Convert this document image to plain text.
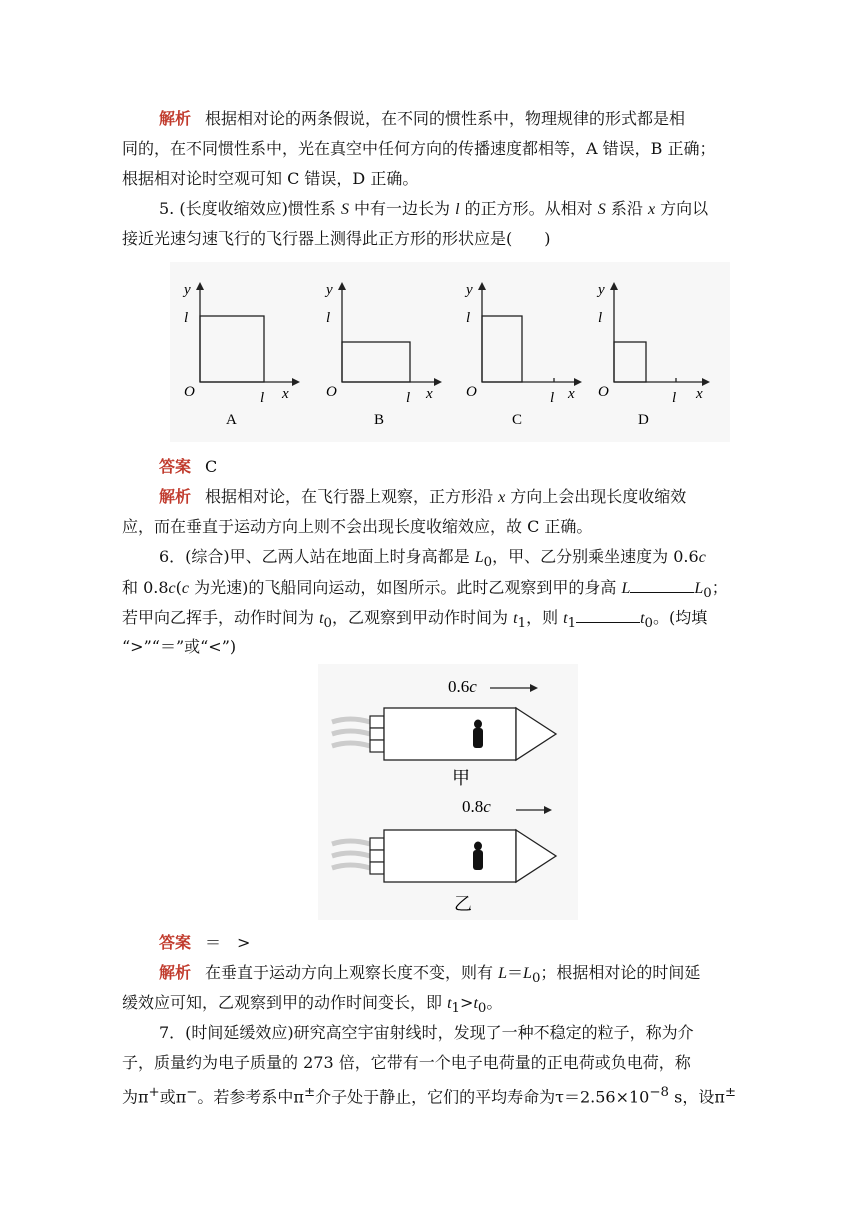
解析 根据相对论的两条假说，在不同的惯性系中，物理规律的形式都是相
同的，在不同惯性系中，光在真空中任何方向的传播速度都相等，A 错误，B 正确；
根据相对论时空观可知 C 错误，D 正确。
5. (长度收缩效应)惯性系 S 中有一边长为 l 的正方形。从相对 S 系沿 x 方向以
接近光速匀速飞行的飞行器上测得此正方形的形状应是(　　)
y
l
O	l x
A
y
l
O	l x
B
y
l
O	l x
C
y
l
O	l x
D
答案 C
解析 根据相对论，在飞行器上观察，正方形沿 x 方向上会出现长度收缩效
应，而在垂直于运动方向上则不会出现长度收缩效应，故 C 正确。
6．(综合)甲、乙两人站在地面上时身高都是 $L_0$，甲、乙分别乘坐速度为 0.6c
和 0.8c(c 为光速)的飞船同向运动，如图所示。此时乙观察到甲的身高 L	$L_0$；
若甲向乙挥手，动作时间为 $t_0$，乙观察到甲动作时间为 $t_1$，则 $t_1$	$t_0$。(均填
“>”“＝”或“<”)
0.6c
甲
0.8c
乙
答案 ＝　>
解析 在垂直于运动方向上观察长度不变，则有 $L=L_0$；根据相对论的时间延
缓效应可知，乙观察到甲的动作时间变长，即 $t_1>t_0$。
7．(时间延缓效应)研究高空宇宙射线时，发现了一种不稳定的粒子，称为介
子，质量约为电子质量的 273 倍，它带有一个电子电荷量的正电荷或负电荷，称
为π+或π−。若参考系中π±介子处于静止，它们的平均寿命为$\tau=2.56\times 10^{-8}$ s，设π±
